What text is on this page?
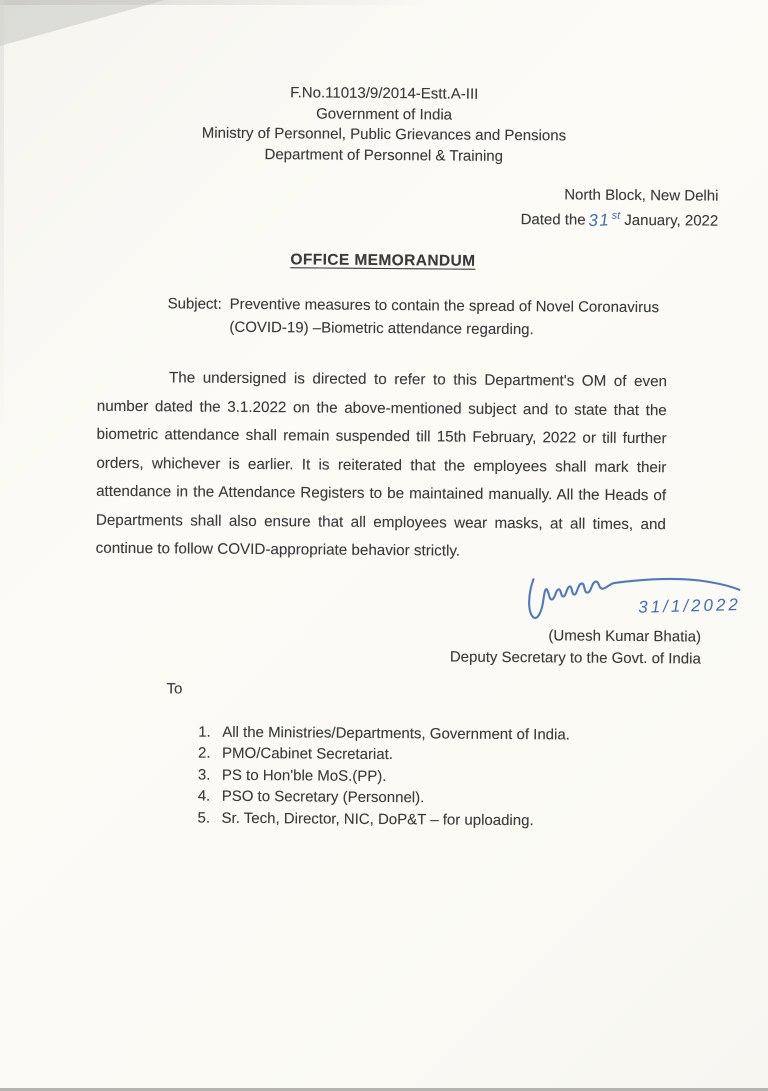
F.No.11013/9/2014-Estt.A-III
Government of India
Ministry of Personnel, Public Grievances and Pensions
Department of Personnel & Training
North Block, New Delhi
Dated the 31st January, 2022
OFFICE MEMORANDUM
Subject: Preventive measures to contain the spread of Novel Coronavirus (COVID-19) –Biometric attendance regarding.

The undersigned is directed to refer to this Department's OM of even number dated the 3.1.2022 on the above-mentioned subject and to state that the biometric attendance shall remain suspended till 15th February, 2022 or till further orders, whichever is earlier. It is reiterated that the employees shall mark their attendance in the Attendance Registers to be maintained manually. All the Heads of Departments shall also ensure that all employees wear masks, at all times, and continue to follow COVID-appropriate behavior strictly.

31/1/2022
(Umesh Kumar Bhatia)
Deputy Secretary to the Govt. of India
To
1. All the Ministries/Departments, Government of India.
2. PMO/Cabinet Secretariat.
3. PS to Hon'ble MoS.(PP).
4. PSO to Secretary (Personnel).
5. Sr. Tech, Director, NIC, DoP&T – for uploading.
